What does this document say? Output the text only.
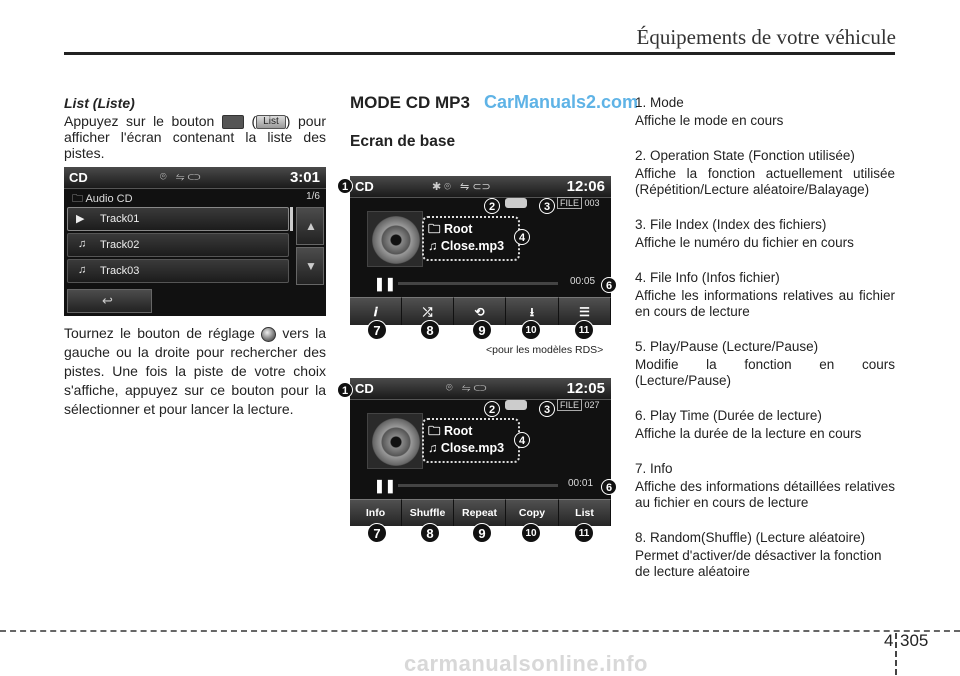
Équipements de votre véhicule
List (Liste)
Appuyez sur le bouton  ( List ) pour afficher l'écran contenant la liste des pistes.
CD	⌾   ⇋ ⊂⊃	3:01
🗀 Audio CD	1/6
▶ Track01
♫ Track02
♫ Track03
▲
▼
↩
Tournez le bouton de réglage vers la gauche ou la droite pour rechercher des pistes. Une fois la piste de votre choix s'affiche, appuyez sur ce bouton pour la sélectionner et pour lancer la lecture.
MODE CD MP3 CarManuals2.com
Ecran de base
CD	✱ ⌾   ⇋ ⊂⊃	12:06
FILE 003
🗀 Root
♫ Close.mp3
❚❚	00:05
𝒊	⤮	⟲	⭳	☰
1
2	3
4
6
7	8	9	10	11
<pour les modèles RDS>
CD	⌾   ⇋ ⊂⊃	12:05
FILE 027
🗀 Root
♫ Close.mp3
❚❚	00:01
Info	Shuffle	Repeat	Copy	List
1
2	3
4
6
7	8	9	10	11
1. Mode
Affiche le mode en cours
2. Operation State (Fonction utilisée)
Affiche la fonction actuellement utilisée (Répétition/Lecture aléatoire/Balayage)
3. File Index (Index des fichiers)
Affiche le numéro du fichier en cours
4. File Info (Infos fichier)
Affiche les informations relatives au fichier en cours de lecture
5. Play/Pause (Lecture/Pause)
Modifie la fonction en cours (Lecture/Pause)
6. Play Time (Durée de lecture)
Affiche la durée de la lecture en cours
7. Info
Affiche des informations détaillées relatives au fichier en cours de lecture
8. Random(Shuffle) (Lecture aléatoire)
Permet d'activer/de désactiver la fonction de lecture aléatoire
4 305
carmanualsonline.info
